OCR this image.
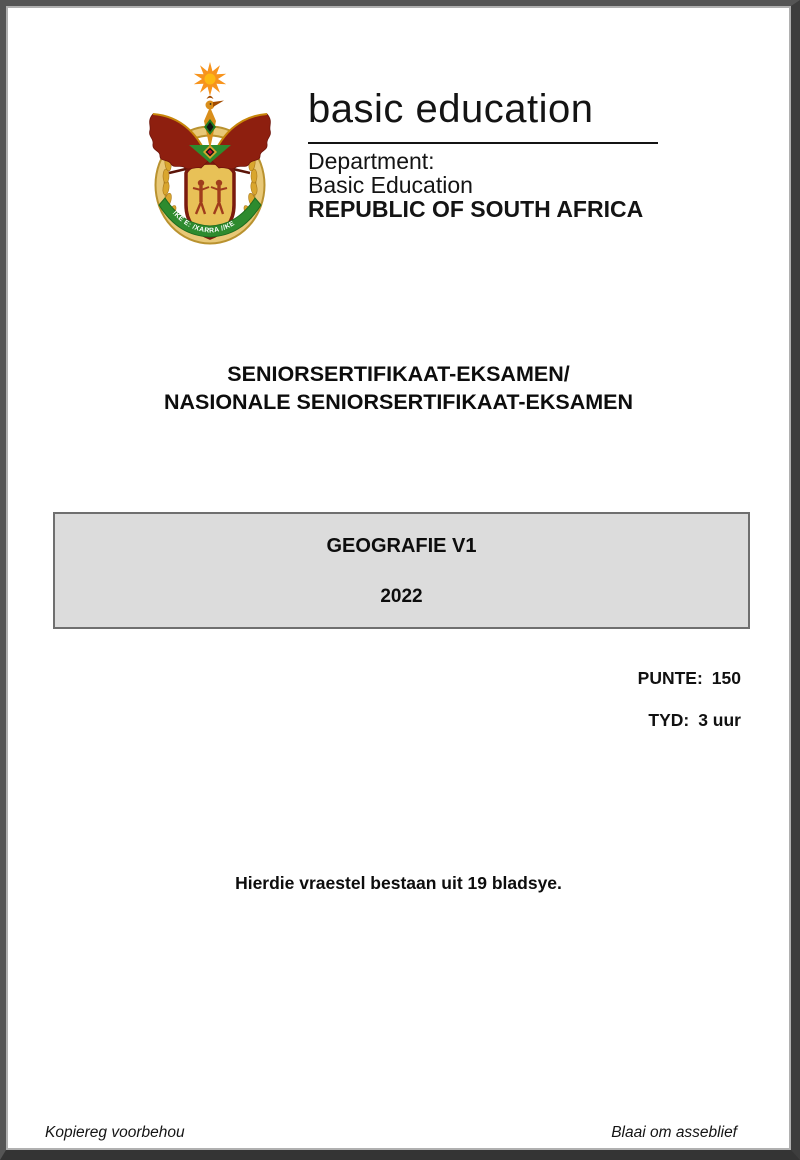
!KE E: /XARRA //KE
basic education
Department:
Basic Education
REPUBLIC OF SOUTH AFRICA
SENIORSERTIFIKAAT-EKSAMEN/
NASIONALE SENIORSERTIFIKAAT-EKSAMEN
GEOGRAFIE V1
2022
PUNTE: 150
TYD: 3 uur
Hierdie vraestel bestaan uit 19 bladsye.
Kopiereg voorbehou	Blaai om asseblief
